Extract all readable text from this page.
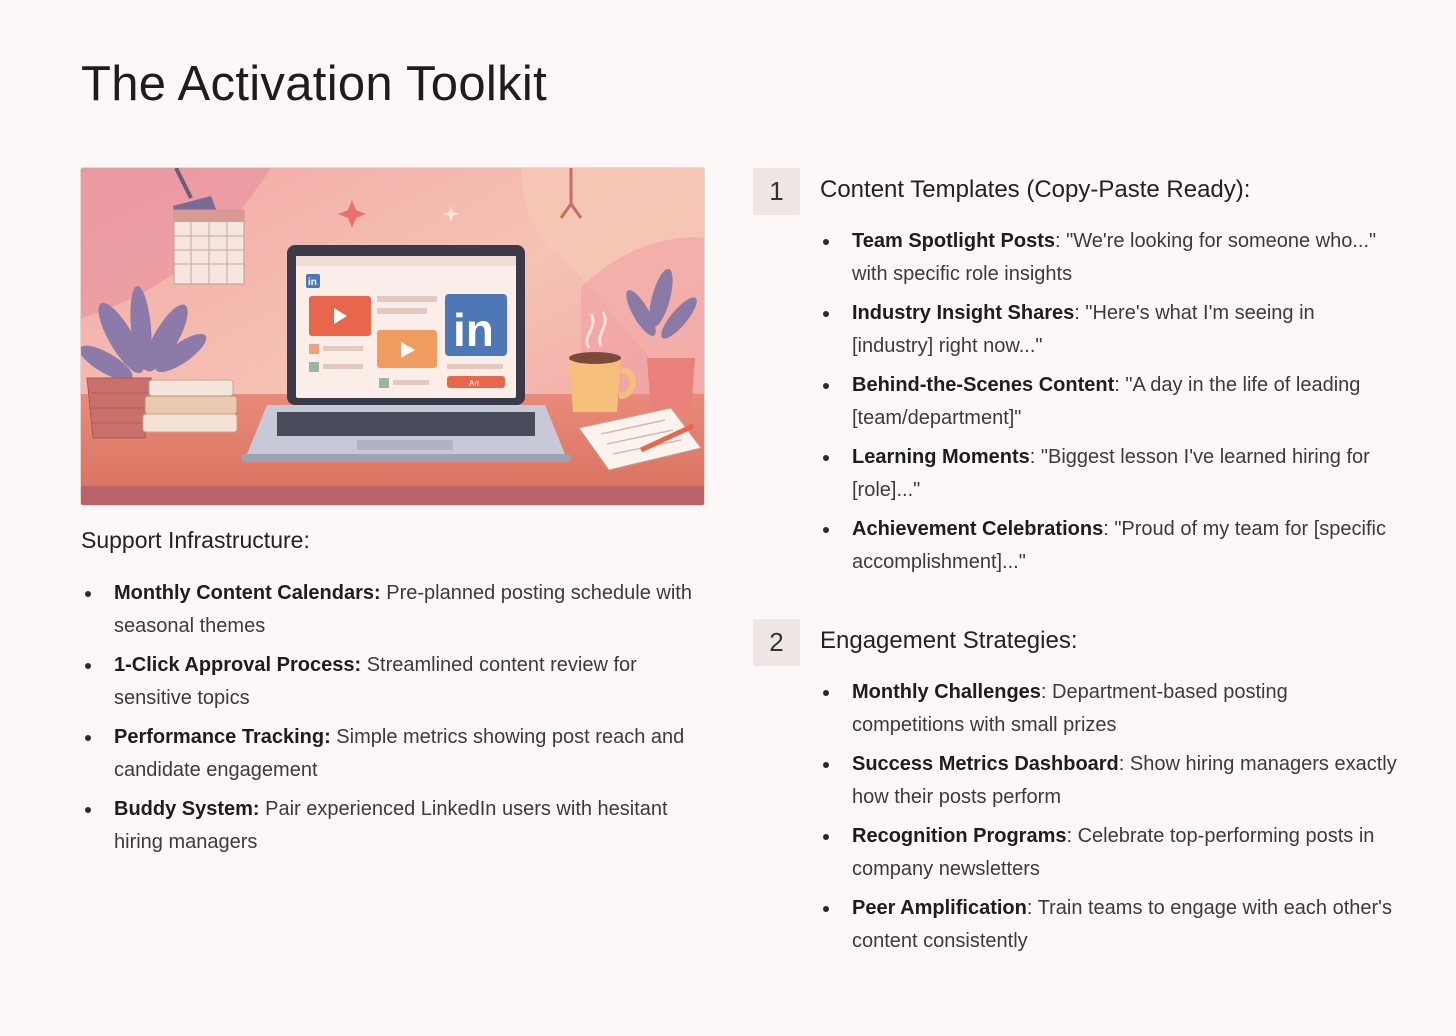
The Activation Toolkit
in
in
Art
Support Infrastructure:
Monthly Content Calendars: Pre-planned posting schedule with seasonal themes
1-Click Approval Process: Streamlined content review for sensitive topics
Performance Tracking: Simple metrics showing post reach and candidate engagement
Buddy System: Pair experienced LinkedIn users with hesitant hiring managers
1	Content Templates (Copy-Paste Ready):
Team Spotlight Posts: "We're looking for someone who..." with specific role insights
Industry Insight Shares: "Here's what I'm seeing in [industry] right now..."
Behind-the-Scenes Content: "A day in the life of leading [team/department]"
Learning Moments: "Biggest lesson I've learned hiring for [role]..."
Achievement Celebrations: "Proud of my team for [specific accomplishment]..."
2	Engagement Strategies:
Monthly Challenges: Department-based posting competitions with small prizes
Success Metrics Dashboard: Show hiring managers exactly how their posts perform
Recognition Programs: Celebrate top-performing posts in company newsletters
Peer Amplification: Train teams to engage with each other's content consistently
